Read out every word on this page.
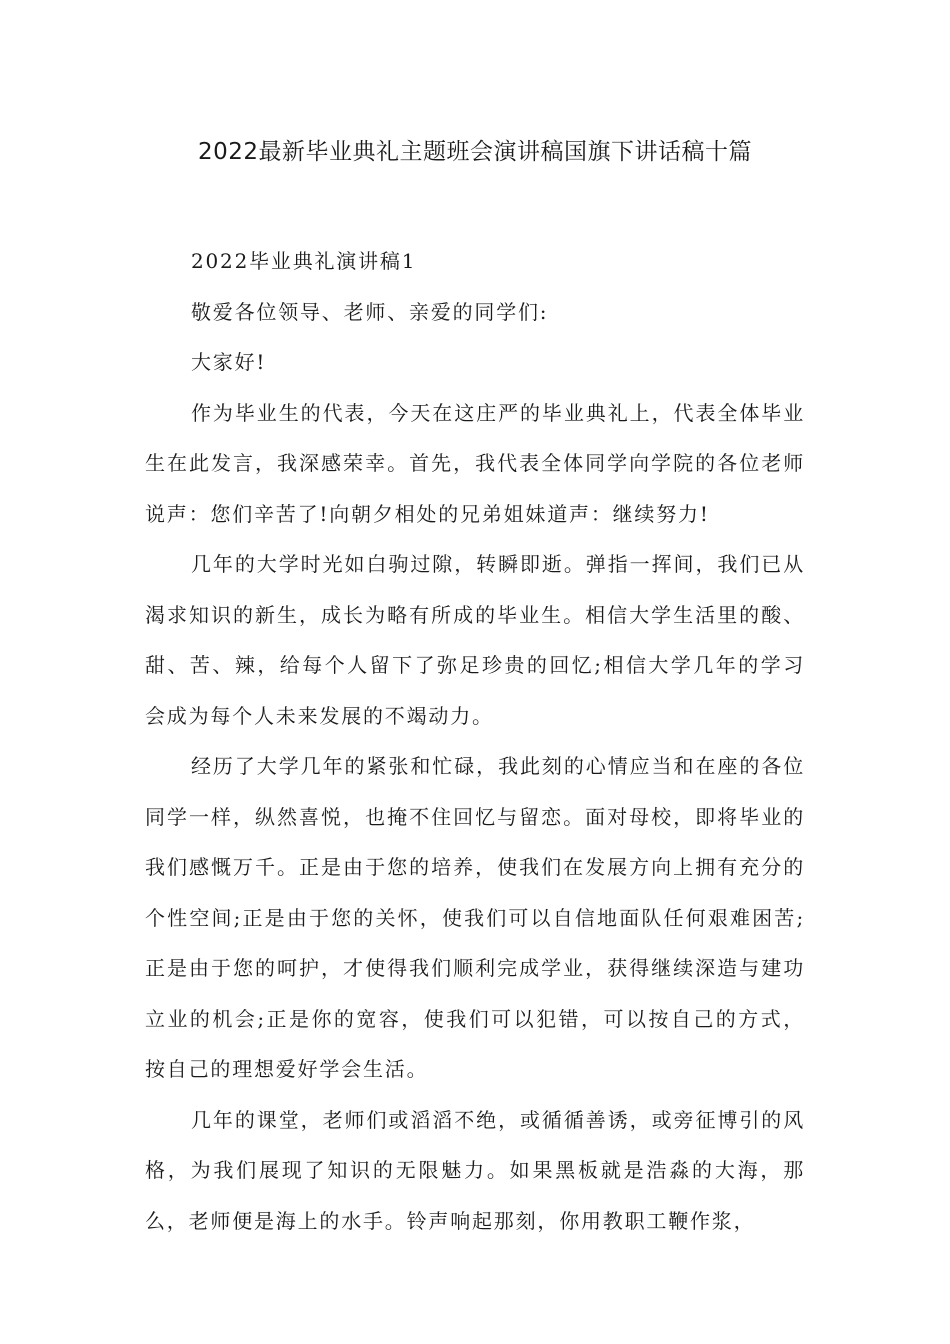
2022最新毕业典礼主题班会演讲稿国旗下讲话稿十篇

2022毕业典礼演讲稿1

敬爱各位领导、老师、亲爱的同学们:

大家好!

作为毕业生的代表，今天在这庄严的毕业典礼上，代表全体毕业生在此发言，我深感荣幸。首先，我代表全体同学向学院的各位老师说声：您们辛苦了!向朝夕相处的兄弟姐妹道声：继续努力!

几年的大学时光如白驹过隙，转瞬即逝。弹指一挥间，我们已从渴求知识的新生，成长为略有所成的毕业生。相信大学生活里的酸、甜、苦、辣，给每个人留下了弥足珍贵的回忆;相信大学几年的学习会成为每个人未来发展的不竭动力。

经历了大学几年的紧张和忙碌，我此刻的心情应当和在座的各位同学一样，纵然喜悦，也掩不住回忆与留恋。面对母校，即将毕业的我们感慨万千。正是由于您的培养，使我们在发展方向上拥有充分的个性空间;正是由于您的关怀，使我们可以自信地面队任何艰难困苦;正是由于您的呵护，才使得我们顺利完成学业，获得继续深造与建功立业的机会;正是你的宽容，使我们可以犯错，可以按自己的方式，按自己的理想爱好学会生活。

几年的课堂，老师们或滔滔不绝，或循循善诱，或旁征博引的风格，为我们展现了知识的无限魅力。如果黑板就是浩淼的大海，那么，老师便是海上的水手。铃声响起那刻，你用教职工鞭作浆，
